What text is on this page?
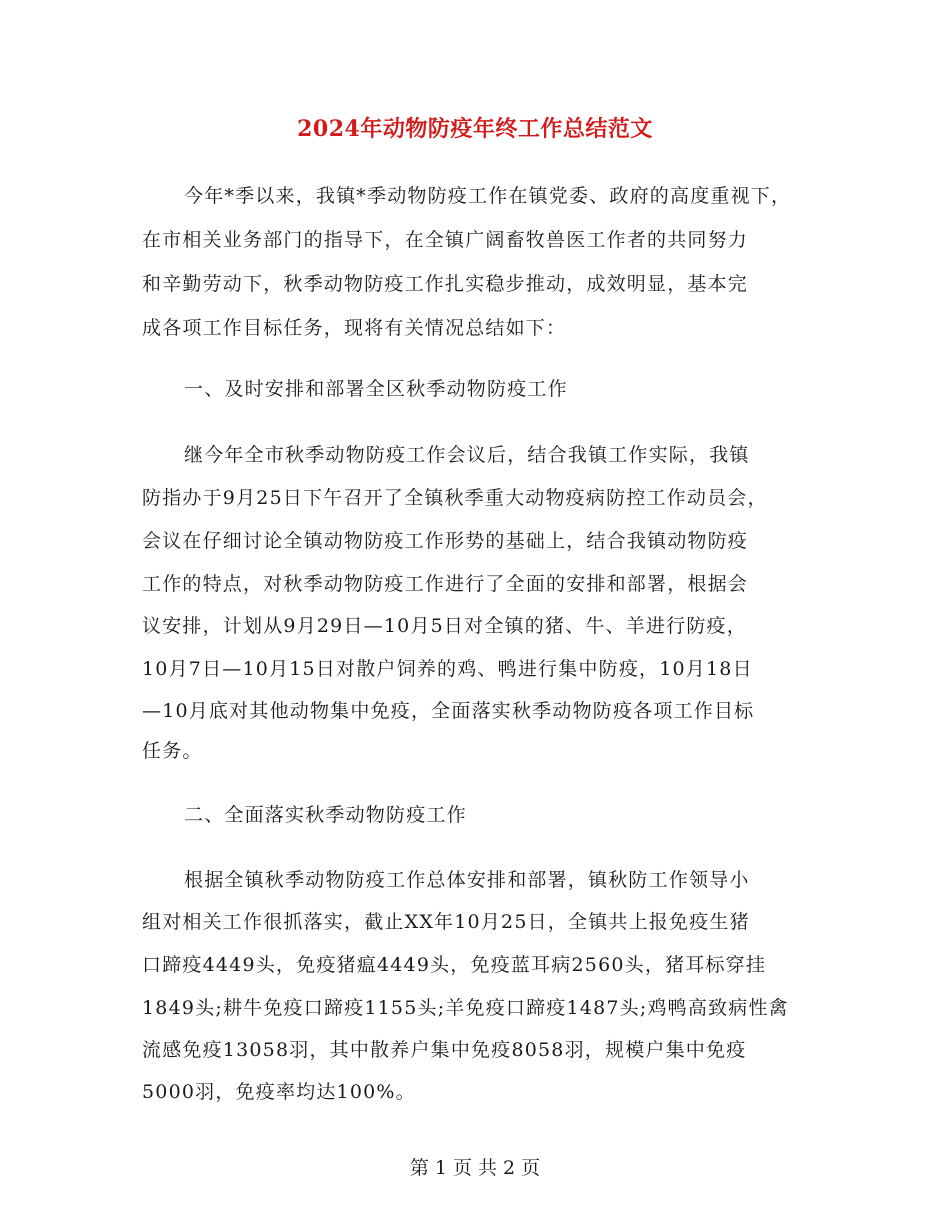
2024年动物防疫年终工作总结范文
今年*季以来，我镇*季动物防疫工作在镇党委、政府的高度重视下，
在市相关业务部门的指导下，在全镇广阔畜牧兽医工作者的共同努力
和辛勤劳动下，秋季动物防疫工作扎实稳步推动，成效明显，基本完
成各项工作目标任务，现将有关情况总结如下：
一、及时安排和部署全区秋季动物防疫工作
继今年全市秋季动物防疫工作会议后，结合我镇工作实际，我镇
防指办于9月25日下午召开了全镇秋季重大动物疫病防控工作动员会，
会议在仔细讨论全镇动物防疫工作形势的基础上，结合我镇动物防疫
工作的特点，对秋季动物防疫工作进行了全面的安排和部署，根据会
议安排，计划从9月29日—10月5日对全镇的猪、牛、羊进行防疫，
10月7日—10月15日对散户饲养的鸡、鸭进行集中防疫，10月18日
—10月底对其他动物集中免疫，全面落实秋季动物防疫各项工作目标
任务。
二、全面落实秋季动物防疫工作
根据全镇秋季动物防疫工作总体安排和部署，镇秋防工作领导小
组对相关工作很抓落实，截止XX年10月25日，全镇共上报免疫生猪
口蹄疫4449头，免疫猪瘟4449头，免疫蓝耳病2560头，猪耳标穿挂
1849头;耕牛免疫口蹄疫1155头;羊免疫口蹄疫1487头;鸡鸭高致病性禽
流感免疫13058羽，其中散养户集中免疫8058羽，规模户集中免疫
5000羽，免疫率均达100%。
第 1 页 共 2 页
